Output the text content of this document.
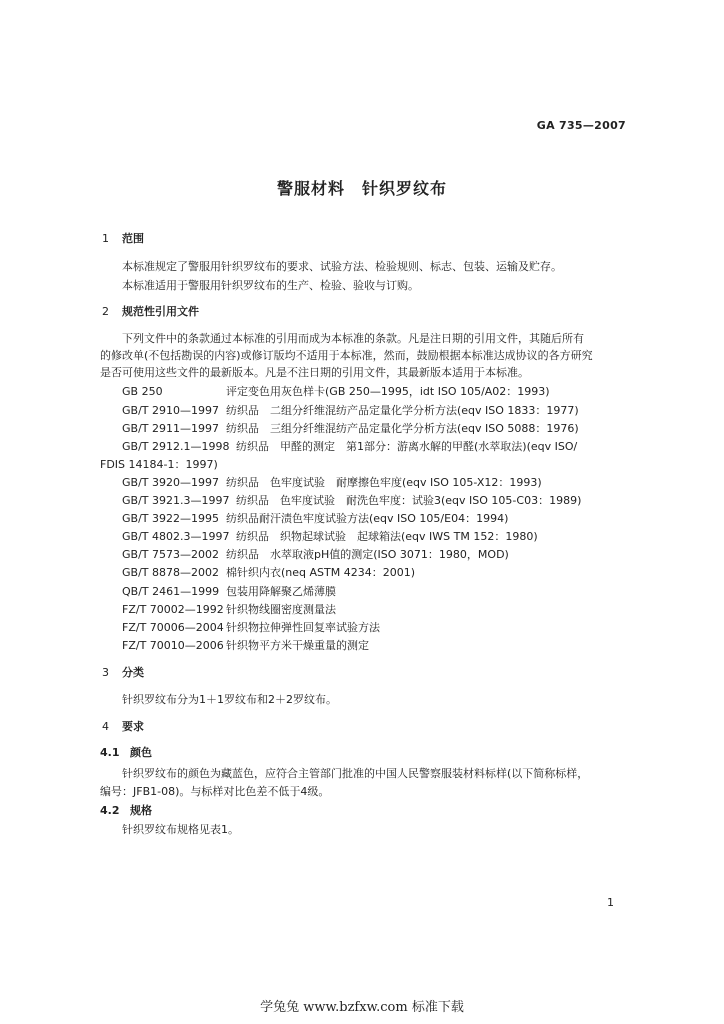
GA 735—2007
警服材料　针织罗纹布
1 范围
本标准规定了警服用针织罗纹布的要求、试验方法、检验规则、标志、包装、运输及贮存。
本标准适用于警服用针织罗纹布的生产、检验、验收与订购。
2 规范性引用文件
下列文件中的条款通过本标准的引用而成为本标准的条款。凡是注日期的引用文件，其随后所有
的修改单(不包括勘误的内容)或修订版均不适用于本标准，然而，鼓励根据本标准达成协议的各方研究
是否可使用这些文件的最新版本。凡是不注日期的引用文件，其最新版本适用于本标准。
GB 250	评定变色用灰色样卡(GB 250—1995，idt ISO 105/A02：1993)
GB/T 2910—1997 纺织品　二组分纤维混纺产品定量化学分析方法(eqv ISO 1833：1977)
GB/T 2911—1997 纺织品　三组分纤维混纺产品定量化学分析方法(eqv ISO 5088：1976)
GB/T 2912.1—1998 纺织品　甲醛的测定　第1部分：游离水解的甲醛(水萃取法)(eqv ISO/
FDIS 14184-1：1997)
GB/T 3920—1997 纺织品　色牢度试验　耐摩擦色牢度(eqv ISO 105-X12：1993)
GB/T 3921.3—1997 纺织品　色牢度试验　耐洗色牢度：试验3(eqv ISO 105-C03：1989)
GB/T 3922—1995 纺织品耐汗渍色牢度试验方法(eqv ISO 105/E04：1994)
GB/T 4802.3—1997 纺织品　织物起球试验　起球箱法(eqv IWS TM 152：1980)
GB/T 7573—2002 纺织品　水萃取液pH值的测定(ISO 3071：1980，MOD)
GB/T 8878—2002 棉针织内衣(neq ASTM 4234：2001)
QB/T 2461—1999 包装用降解聚乙烯薄膜
FZ/T 70002—1992 针织物线圈密度测量法
FZ/T 70006—2004 针织物拉伸弹性回复率试验方法
FZ/T 70010—2006 针织物平方米干燥重量的测定
3 分类
针织罗纹布分为1＋1罗纹布和2＋2罗纹布。
4 要求
4.1 颜色
针织罗纹布的颜色为藏蓝色，应符合主管部门批准的中国人民警察服装材料标样(以下简称标样，
编号：JFB1-08)。与标样对比色差不低于4级。
4.2 规格
针织罗纹布规格见表1。
1
学兔兔 www.bzfxw.com 标准下载
